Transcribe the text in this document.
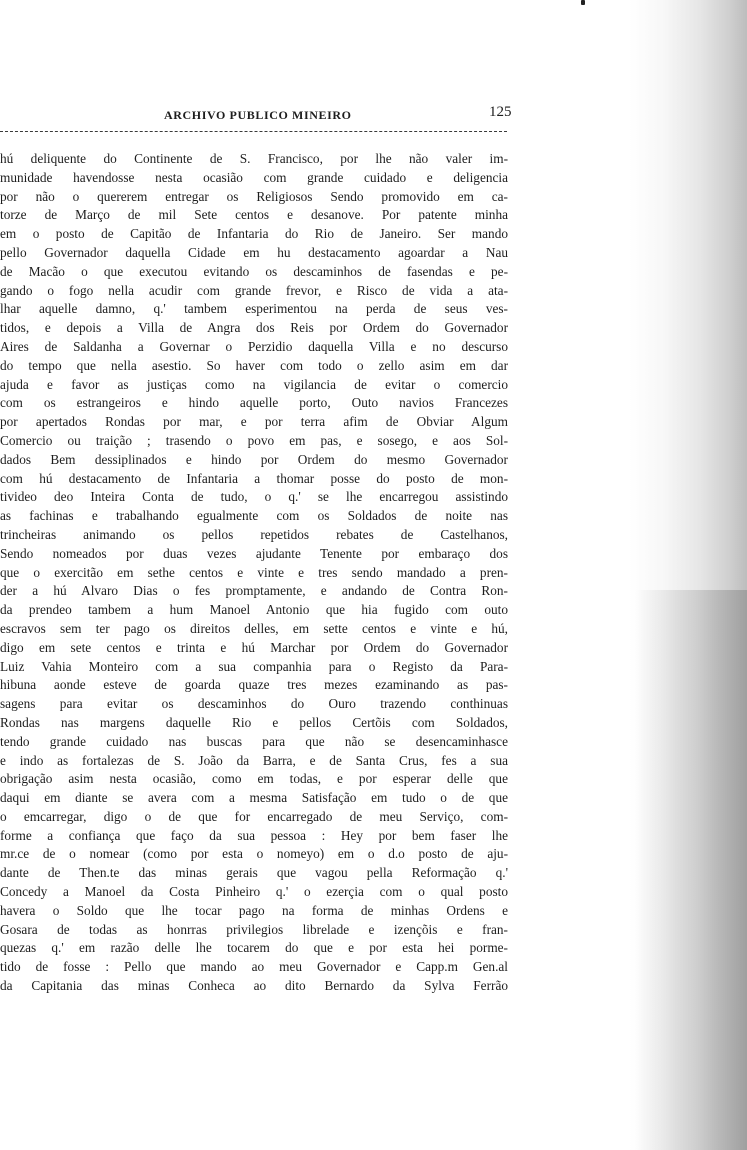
ARCHIVO PUBLICO MINEIRO	125
hú deliquente do Continente de S. Francisco, por lhe não valer im-
munidade havendosse nesta ocasião com grande cuidado e deligencia
por não o quererem entregar os Religiosos Sendo promovido em ca-
torze de Março de mil Sete centos e desanove. Por patente minha
em o posto de Capitão de Infantaria do Rio de Janeiro. Ser mando
pello Governador daquella Cidade em hu destacamento agoardar a Nau
de Macão o que executou evitando os descaminhos de fasendas e pe-
gando o fogo nella acudir com grande frevor, e Risco de vida a ata-
lhar aquelle damno, q.' tambem esperimentou na perda de seus ves-
tidos, e depois a Villa de Angra dos Reis por Ordem do Governador
Aires de Saldanha a Governar o Perzidio daquella Villa e no descurso
do tempo que nella asestio. So haver com todo o zello asim em dar
ajuda e favor as justiças como na vigilancia de evitar o comercio
com os estrangeiros e hindo aquelle porto, Outo navios Francezes
por apertados Rondas por mar, e por terra afim de Obviar Algum
Comercio ou traição ; trasendo o povo em pas, e sosego, e aos Sol-
dados Bem dessiplinados e hindo por Ordem do mesmo Governador
com hú destacamento de Infantaria a thomar posse do posto de mon-
tivideo deo Inteira Conta de tudo, o q.' se lhe encarregou assistindo
as fachinas e trabalhando egualmente com os Soldados de noite nas
trincheiras animando os pellos repetidos rebates de Castelhanos,
Sendo nomeados por duas vezes ajudante Tenente por embaraço dos
que o exercitão em sethe centos e vinte e tres sendo mandado a pren-
der a hú Alvaro Dias o fes promptamente, e andando de Contra Ron-
da prendeo tambem a hum Manoel Antonio que hia fugido com outo
escravos sem ter pago os direitos delles, em sette centos e vinte e hú,
digo em sete centos e trinta e hú Marchar por Ordem do Governador
Luiz Vahia Monteiro com a sua companhia para o Registo da Para-
hibuna aonde esteve de goarda quaze tres mezes ezaminando as pas-
sagens para evitar os descaminhos do Ouro trazendo conthinuas
Rondas nas margens daquelle Rio e pellos Certõis com Soldados,
tendo grande cuidado nas buscas para que não se desencaminhasce
e indo as fortalezas de S. João da Barra, e de Santa Crus, fes a sua
obrigação asim nesta ocasião, como em todas, e por esperar delle que
daqui em diante se avera com a mesma Satisfação em tudo o de que
o emcarregar, digo o de que for encarregado de meu Serviço, com-
forme a confiança que faço da sua pessoa : Hey por bem faser lhe
mr.ce de o nomear (como por esta o nomeyo) em o d.o posto de aju-
dante de Then.te das minas gerais que vagou pella Reformação q.'
Concedy a Manoel da Costa Pinheiro q.' o ezerçia com o qual posto
havera o Soldo que lhe tocar pago na forma de minhas Ordens e
Gosara de todas as honrras privilegios librelade e izençõis e fran-
quezas q.' em razão delle lhe tocarem do que e por esta hei porme-
tido de fosse : Pello que mando ao meu Governador e Capp.m Gen.al
da Capitania das minas Conheca ao dito Bernardo da Sylva Ferrão
